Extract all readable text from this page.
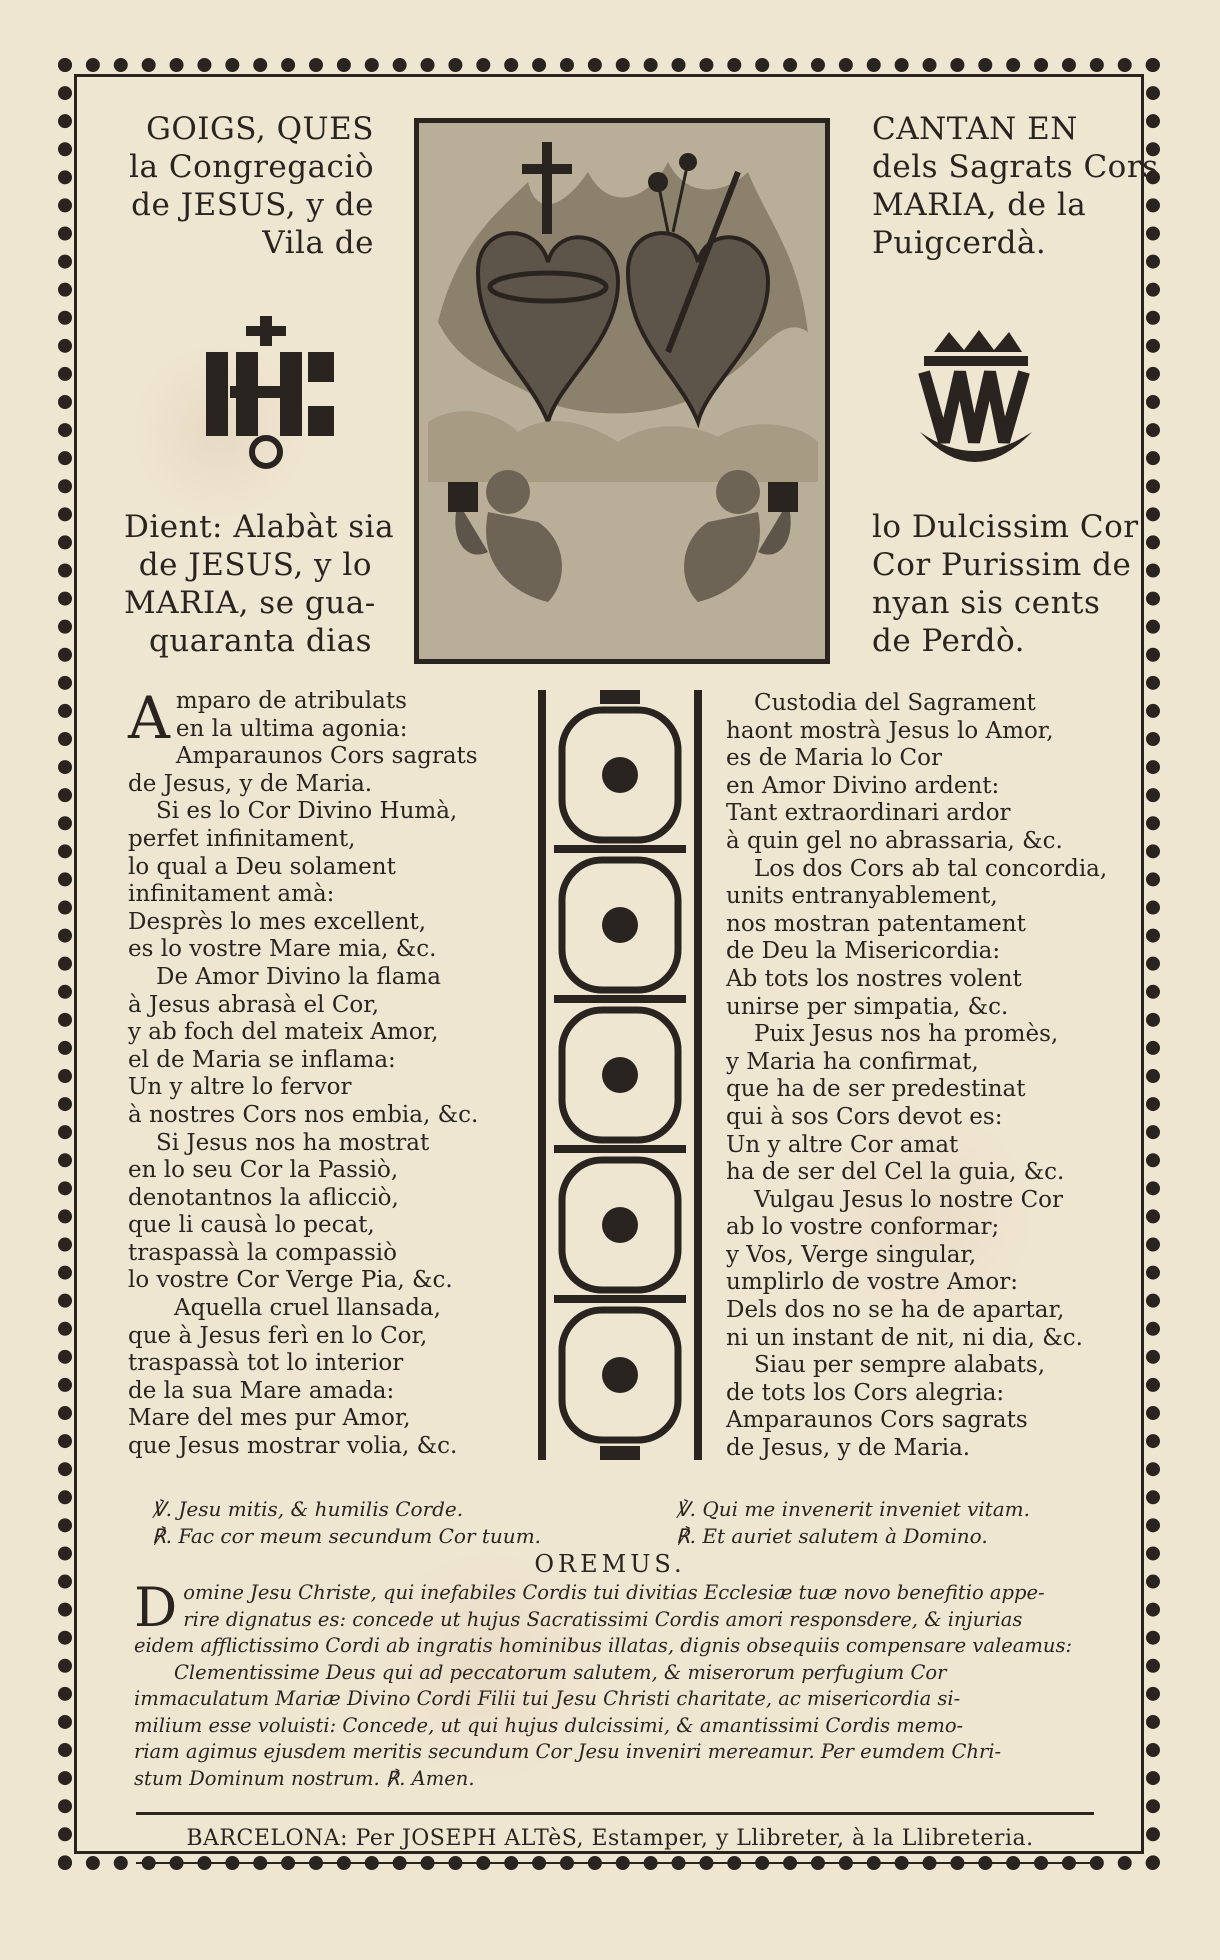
GOIGS, QUES
la Congregaciò
de JESUS, y de
Vila de
CANTAN EN
dels Sagrats Cors
MARIA, de la
Puigcerdà.
Dient: Alabàt sia
de JESUS, y lo
MARIA, se gua-
quaranta dias
lo Dulcissim Cor
Cor Purissim de
nyan sis cents
de Perdò.
Amparo de atribulats
en la ultima agonia:
Amparaunos Cors sagrats
de Jesus, y de Maria.
Si es lo Cor Divino Humà,
perfet infinitament,
lo qual a Deu solament
infinitament amà:
Desprès lo mes excellent,
es lo vostre Mare mia, &c.
De Amor Divino la flama
à Jesus abrasà el Cor,
y ab foch del mateix Amor,
el de Maria se inflama:
Un y altre lo fervor
à nostres Cors nos embia, &c.
Si Jesus nos ha mostrat
en lo seu Cor la Passiò,
denotantnos la aflicciò,
que li causà lo pecat,
traspassà la compassiò
lo vostre Cor Verge Pia, &c.
Aquella cruel llansada,
que à Jesus ferì en lo Cor,
traspassà tot lo interior
de la sua Mare amada:
Mare del mes pur Amor,
que Jesus mostrar volia, &c.
Custodia del Sagrament
haont mostrà Jesus lo Amor,
es de Maria lo Cor
en Amor Divino ardent:
Tant extraordinari ardor
à quin gel no abrassaria, &c.
Los dos Cors ab tal concordia,
units entranyablement,
nos mostran patentament
de Deu la Misericordia:
Ab tots los nostres volent
unirse per simpatia, &c.
Puix Jesus nos ha promès,
y Maria ha confirmat,
que ha de ser predestinat
qui à sos Cors devot es:
Un y altre Cor amat
ha de ser del Cel la guia, &c.
Vulgau Jesus lo nostre Cor
ab lo vostre conformar;
y Vos, Verge singular,
umplirlo de vostre Amor:
Dels dos no se ha de apartar,
ni un instant de nit, ni dia, &c.
Siau per sempre alabats,
de tots los Cors alegria:
Amparaunos Cors sagrats
de Jesus, y de Maria.
℣. Jesu mitis, & humilis Corde.
℟. Fac cor meum secundum Cor tuum.
℣. Qui me invenerit inveniet vitam.
℟. Et auriet salutem à Domino.
OREMUS.
Domine Jesu Christe, qui inefabiles Cordis tui divitias Ecclesiæ tuæ novo benefitio appe-
rire dignatus es: concede ut hujus Sacratissimi Cordis amori responsdere, & injurias
eidem afflictissimo Cordi ab ingratis hominibus illatas, dignis obsequiis compensare valeamus:
Clementissime Deus qui ad peccatorum salutem, & miserorum perfugium Cor
immaculatum Mariæ Divino Cordi Filii tui Jesu Christi charitate, ac misericordia si-
milium esse voluisti: Concede, ut qui hujus dulcissimi, & amantissimi Cordis memo-
riam agimus ejusdem meritis secundum Cor Jesu inveniri mereamur. Per eumdem Chri-
stum Dominum nostrum. ℟. Amen.
BARCELONA: Per JOSEPH ALTèS, Estamper, y Llibreter, à la Llibreteria.
